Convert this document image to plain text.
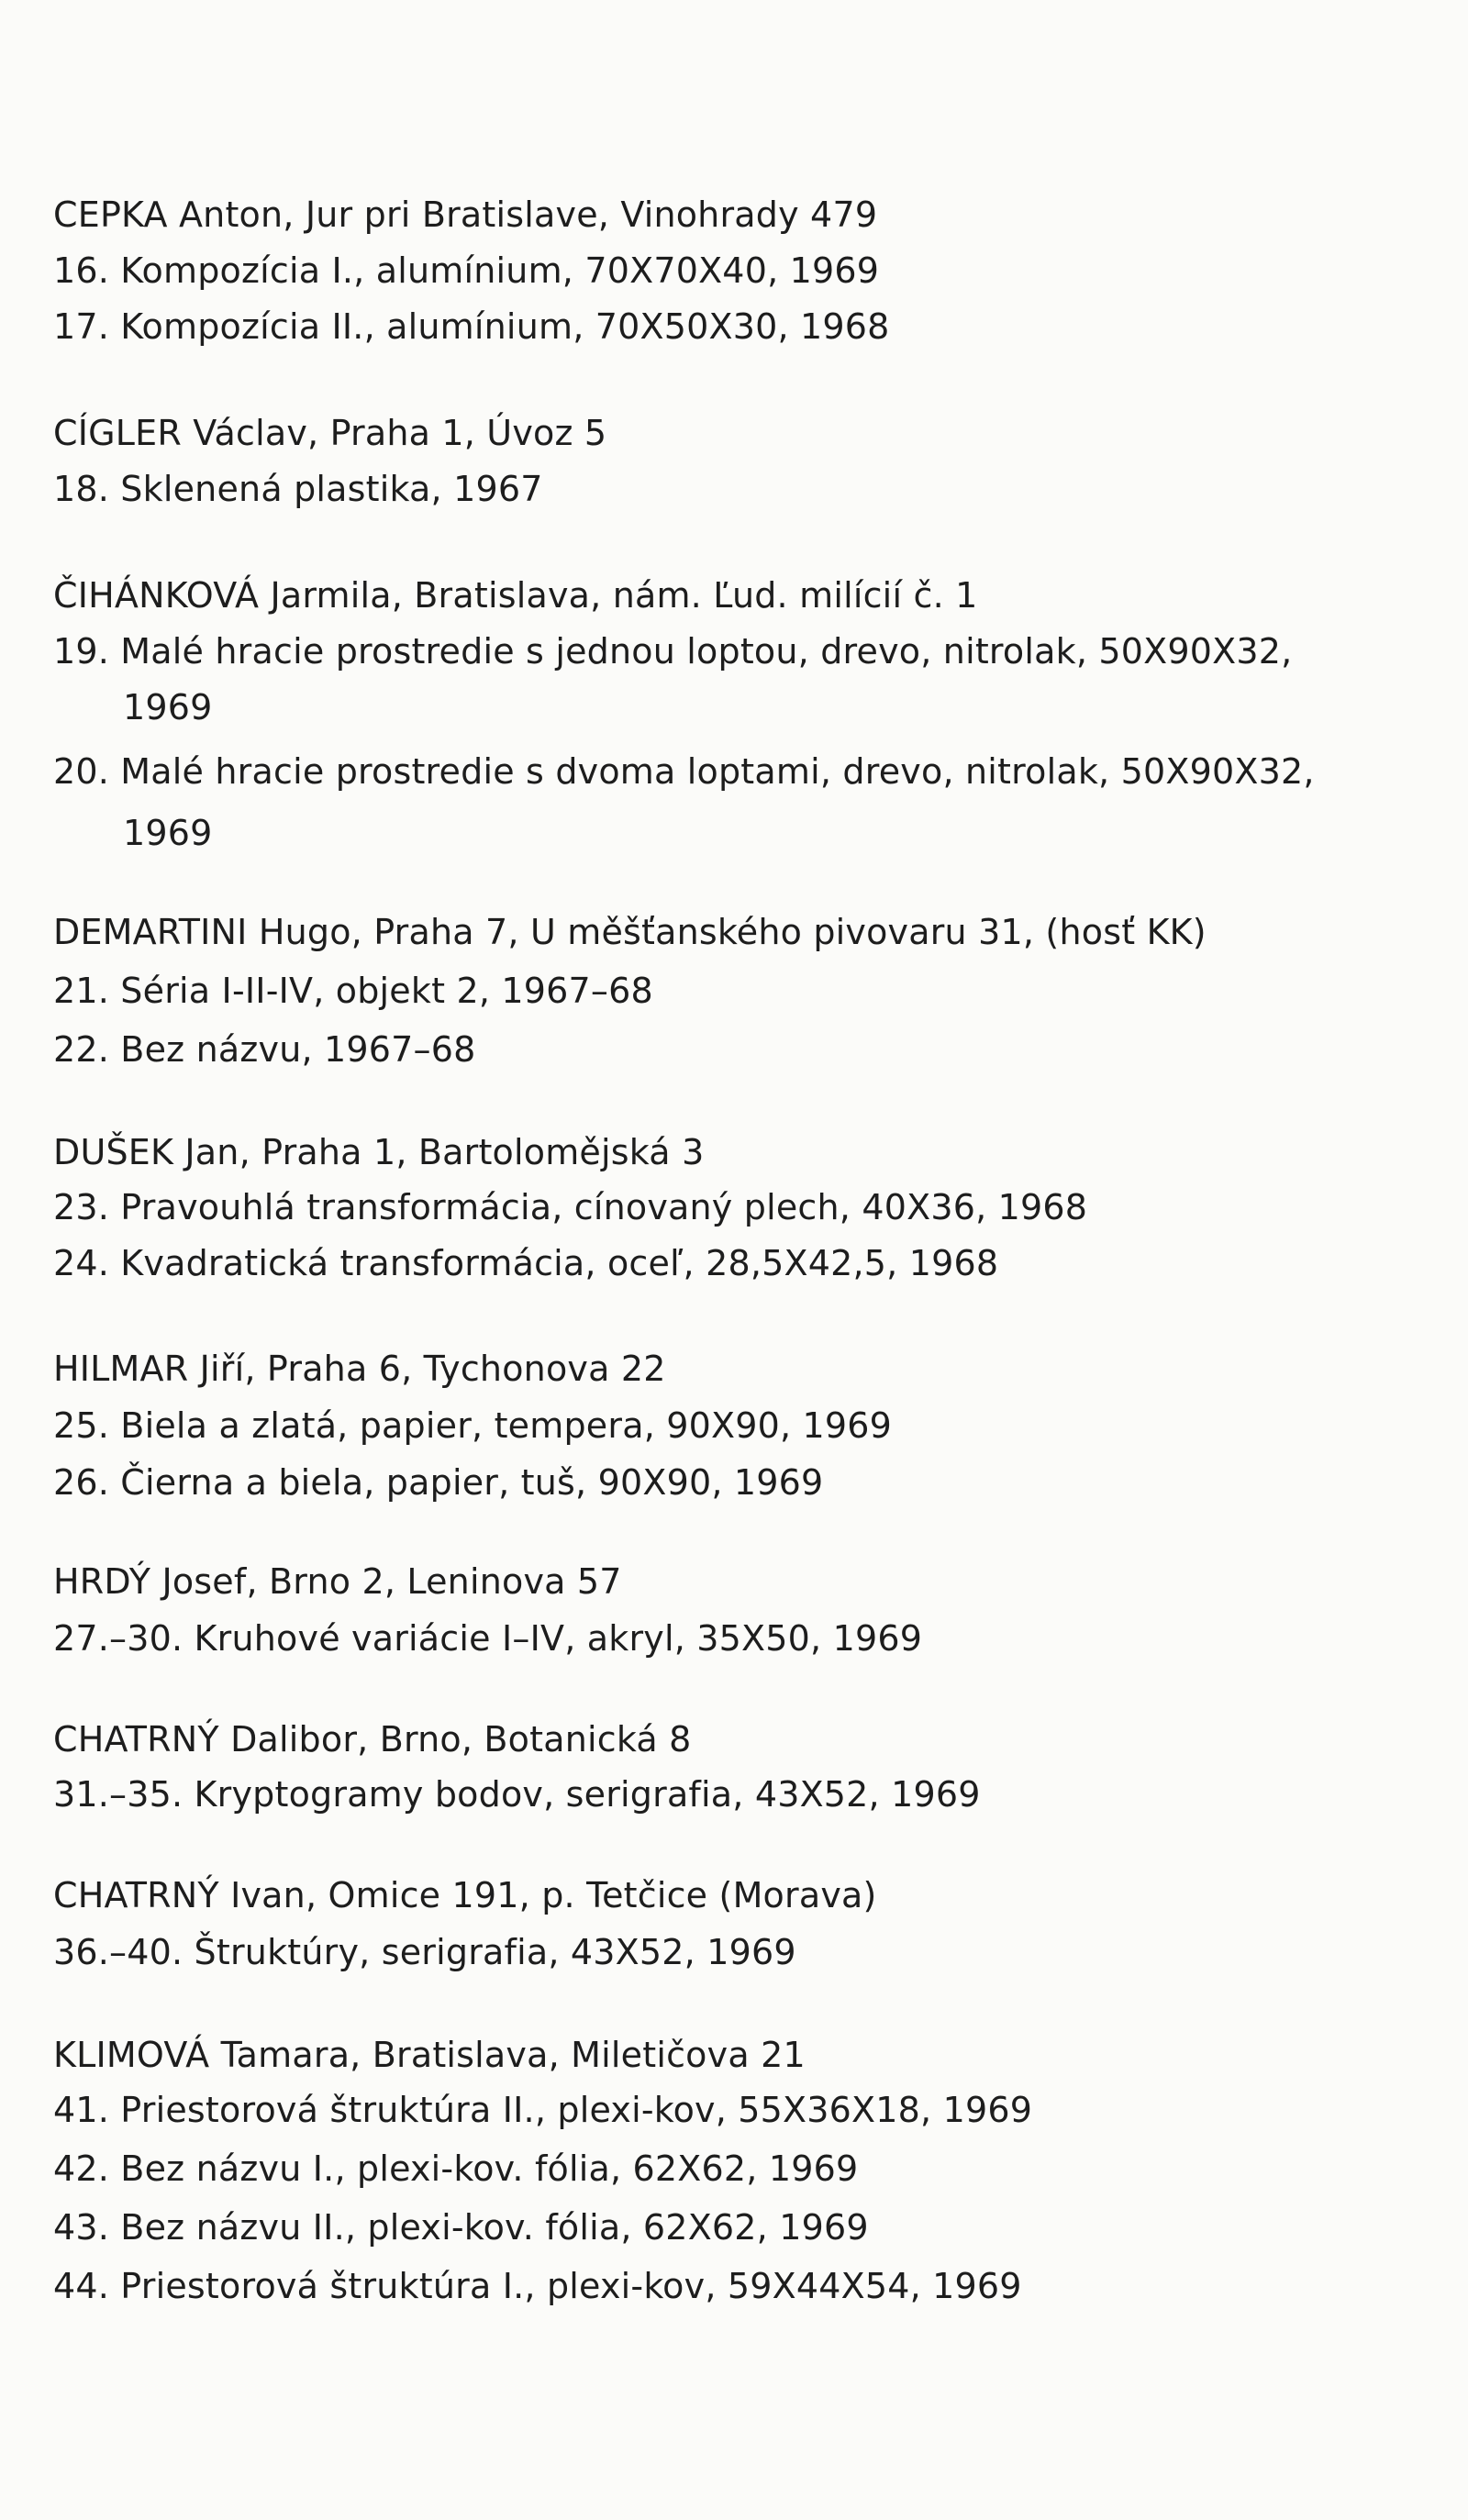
CEPKA Anton, Jur pri Bratislave, Vinohrady 479
16. Kompozícia I., alumínium, 70X70X40, 1969
17. Kompozícia II., alumínium, 70X50X30, 1968
CÍGLER Václav, Praha 1, Úvoz 5
18. Sklenená plastika, 1967
ČIHÁNKOVÁ Jarmila, Bratislava, nám. Ľud. milícií č. 1
19. Malé hracie prostredie s jednou loptou, drevo, nitrolak, 50X90X32,
1969
20. Malé hracie prostredie s dvoma loptami, drevo, nitrolak, 50X90X32,
1969
DEMARTINI Hugo, Praha 7, U měšťanského pivovaru 31, (hosť KK)
21. Séria I-II-IV, objekt 2, 1967–68
22. Bez názvu, 1967–68
DUŠEK Jan, Praha 1, Bartolomějská 3
23. Pravouhlá transformácia, cínovaný plech, 40X36, 1968
24. Kvadratická transformácia, oceľ, 28,5X42,5, 1968
HILMAR Jiří, Praha 6, Tychonova 22
25. Biela a zlatá, papier, tempera, 90X90, 1969
26. Čierna a biela, papier, tuš, 90X90, 1969
HRDÝ Josef, Brno 2, Leninova 57
27.–30. Kruhové variácie I–IV, akryl, 35X50, 1969
CHATRNÝ Dalibor, Brno, Botanická 8
31.–35. Kryptogramy bodov, serigrafia, 43X52, 1969
CHATRNÝ Ivan, Omice 191, p. Tetčice (Morava)
36.–40. Štruktúry, serigrafia, 43X52, 1969
KLIMOVÁ Tamara, Bratislava, Miletičova 21
41. Priestorová štruktúra II., plexi-kov, 55X36X18, 1969
42. Bez názvu I., plexi-kov. fólia, 62X62, 1969
43. Bez názvu II., plexi-kov. fólia, 62X62, 1969
44. Priestorová štruktúra I., plexi-kov, 59X44X54, 1969
